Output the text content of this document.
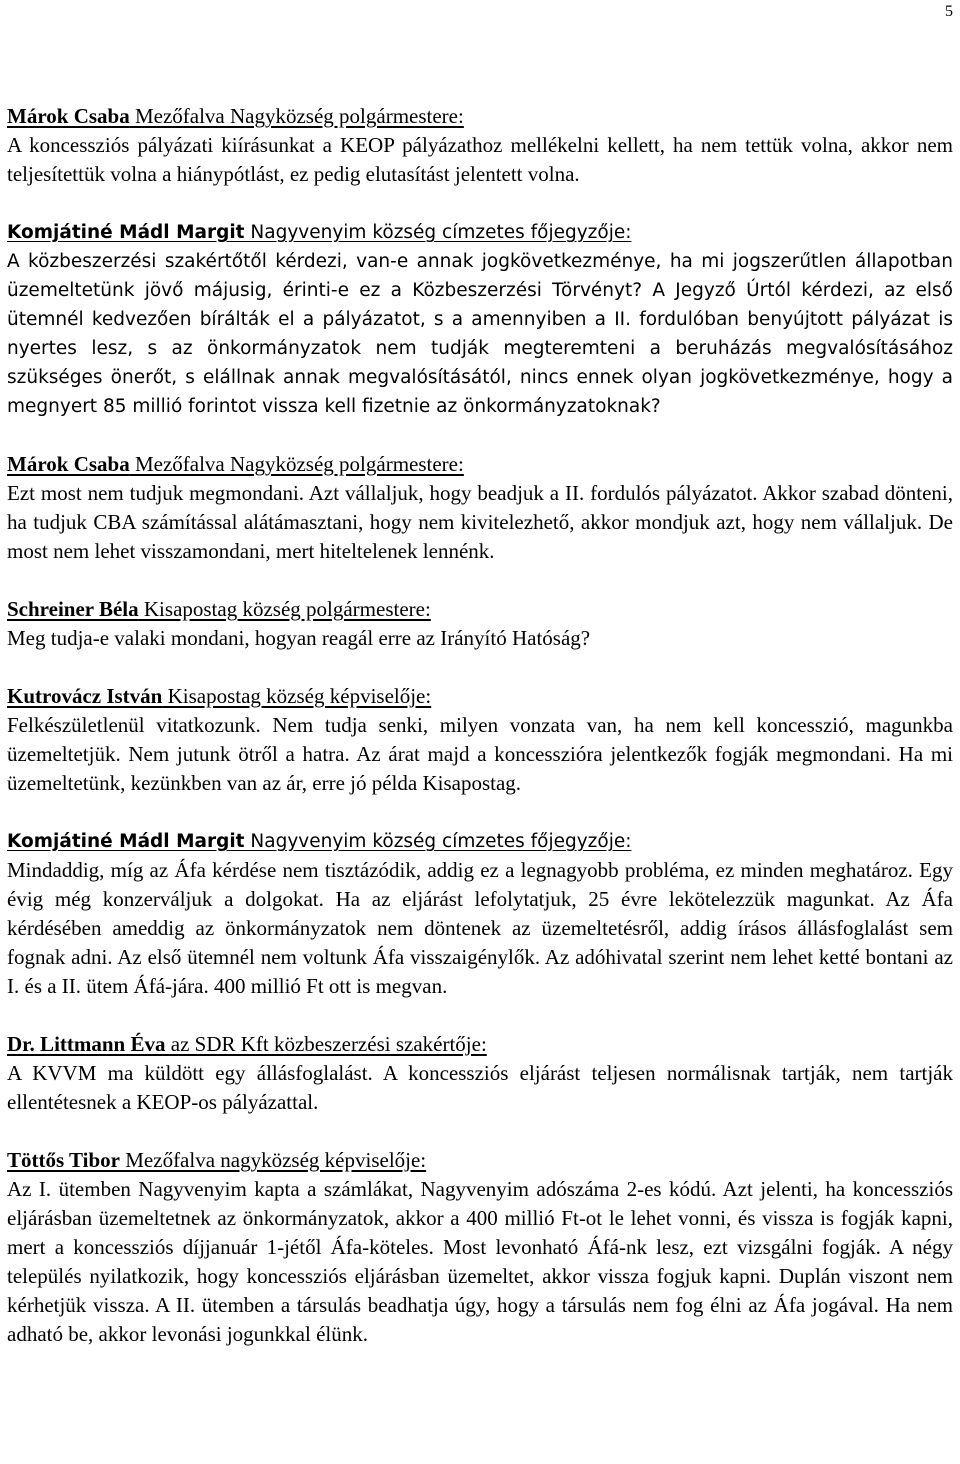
5

Márok Csaba Mezőfalva Nagyközség polgármestere:

A koncessziós pályázati kiírásunkat a KEOP pályázathoz mellékelni kellett, ha nem tettük volna, akkor nem teljesítettük volna a hiánypótlást, ez pedig elutasítást jelentett volna.

Komjátiné Mádl Margit Nagyvenyim község címzetes főjegyzője:

A közbeszerzési szakértőtől kérdezi, van-e annak jogkövetkezménye, ha mi jogszerűtlen állapotban üzemeltetünk jövő májusig, érinti-e ez a Közbeszerzési Törvényt? A Jegyző Úrtól kérdezi, az első ütemnél kedvezően bírálták el a pályázatot, s a amennyiben a II. fordulóban benyújtott pályázat is nyertes lesz, s az önkormányzatok nem tudják megteremteni a beruházás megvalósításához szükséges önerőt, s elállnak annak megvalósításától, nincs ennek olyan jogkövetkezménye, hogy a megnyert 85 millió forintot vissza kell fizetnie az önkormányzatoknak?

Márok Csaba Mezőfalva Nagyközség polgármestere:

Ezt most nem tudjuk megmondani. Azt vállaljuk, hogy beadjuk a II. fordulós pályázatot. Akkor szabad dönteni, ha tudjuk CBA számítással alátámasztani, hogy nem kivitelezhető, akkor mondjuk azt, hogy nem vállaljuk. De most nem lehet visszamondani, mert hiteltelenek lennénk.

Schreiner Béla Kisapostag község polgármestere:

Meg tudja-e valaki mondani, hogyan reagál erre az Irányító Hatóság?

Kutrovácz István Kisapostag község képviselője:

Felkészületlenül vitatkozunk. Nem tudja senki, milyen vonzata van, ha nem kell koncesszió, magunkba üzemeltetjük. Nem jutunk ötről a hatra. Az árat majd a koncesszióra jelentkezők fogják megmondani. Ha mi üzemeltetünk, kezünkben van az ár, erre jó példa Kisapostag.

Komjátiné Mádl Margit Nagyvenyim község címzetes főjegyzője:

Mindaddig, míg az Áfa kérdése nem tisztázódik, addig ez a legnagyobb probléma, ez minden meghatároz. Egy évig még konzerváljuk a dolgokat. Ha az eljárást lefolytatjuk, 25 évre lekötelezzük magunkat. Az Áfa kérdésében ameddig az önkormányzatok nem döntenek az üzemeltetésről, addig írásos állásfoglalást sem fognak adni. Az első ütemnél nem voltunk Áfa visszaigénylők. Az adóhivatal szerint nem lehet ketté bontani az I. és a II. ütem Áfá-jára. 400 millió Ft ott is megvan.

Dr. Littmann Éva az SDR Kft közbeszerzési szakértője:

A KVVM ma küldött egy állásfoglalást. A koncessziós eljárást teljesen normálisnak tartják, nem tartják ellentétesnek a KEOP-os pályázattal.

Töttős Tibor Mezőfalva nagyközség képviselője:

Az I. ütemben Nagyvenyim kapta a számlákat, Nagyvenyim adószáma 2-es kódú. Azt jelenti, ha koncessziós eljárásban üzemeltetnek az önkormányzatok, akkor a 400 millió Ft-ot le lehet vonni, és vissza is fogják kapni, mert a koncessziós díjjanuár 1-jétől Áfa-köteles. Most levonható Áfá-nk lesz, ezt vizsgálni fogják. A négy település nyilatkozik, hogy koncessziós eljárásban üzemeltet, akkor vissza fogjuk kapni. Duplán viszont nem kérhetjük vissza. A II. ütemben a társulás beadhatja úgy, hogy a társulás nem fog élni az Áfa jogával. Ha nem adható be, akkor levonási jogunkkal élünk.
